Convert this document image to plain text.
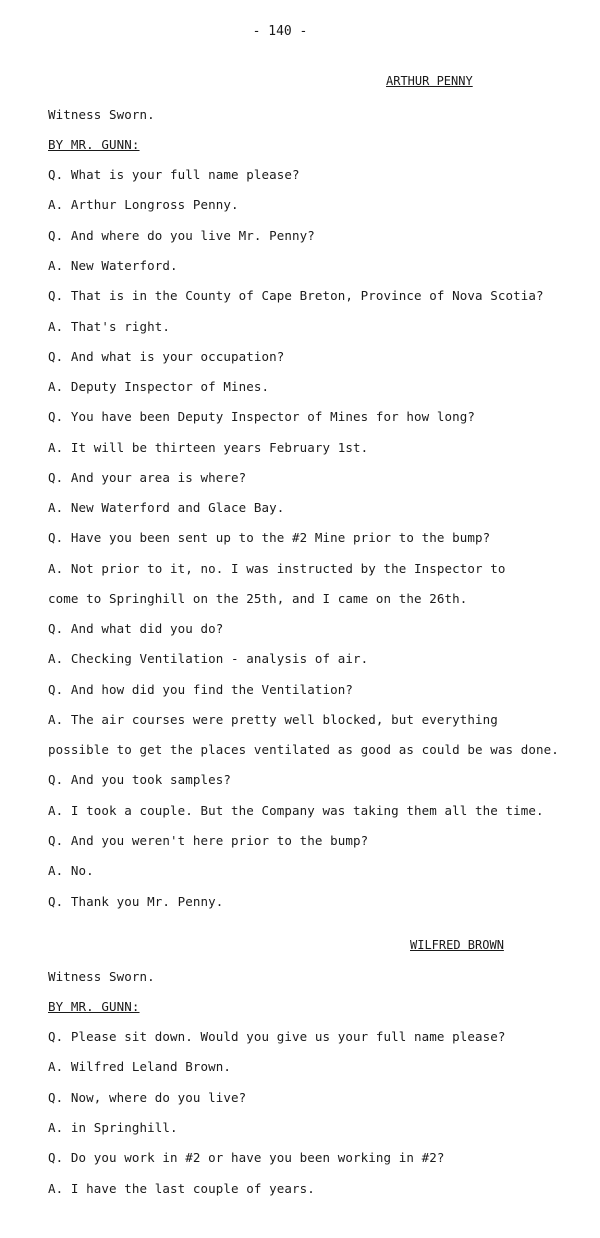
- 140 -
ARTHUR PENNY
Witness Sworn.
BY MR. GUNN:
Q. What is your full name please?
A. Arthur Longross Penny.
Q. And where do you live Mr. Penny?
A. New Waterford.
Q. That is in the County of Cape Breton, Province of Nova Scotia?
A. That's right.
Q. And what is your occupation?
A. Deputy Inspector of Mines.
Q. You have been Deputy Inspector of Mines for how long?
A. It will be thirteen years February 1st.
Q. And your area is where?
A. New Waterford and Glace Bay.
Q. Have you been sent up to the #2 Mine prior to the bump?
A. Not prior to it, no. I was instructed by the Inspector to
come to Springhill on the 25th, and I came on the 26th.
Q. And what did you do?
A. Checking Ventilation - analysis of air.
Q. And how did you find the Ventilation?
A. The air courses were pretty well blocked, but everything
possible to get the places ventilated as good as could be was done.
Q. And you took samples?
A. I took a couple. But the Company was taking them all the time.
Q. And you weren't here prior to the bump?
A. No.
Q. Thank you Mr. Penny.
WILFRED BROWN
Witness Sworn.
BY MR. GUNN:
Q. Please sit down. Would you give us your full name please?
A. Wilfred Leland Brown.
Q. Now, where do you live?
A. in Springhill.
Q. Do you work in #2 or have you been working in #2?
A. I have the last couple of years.
